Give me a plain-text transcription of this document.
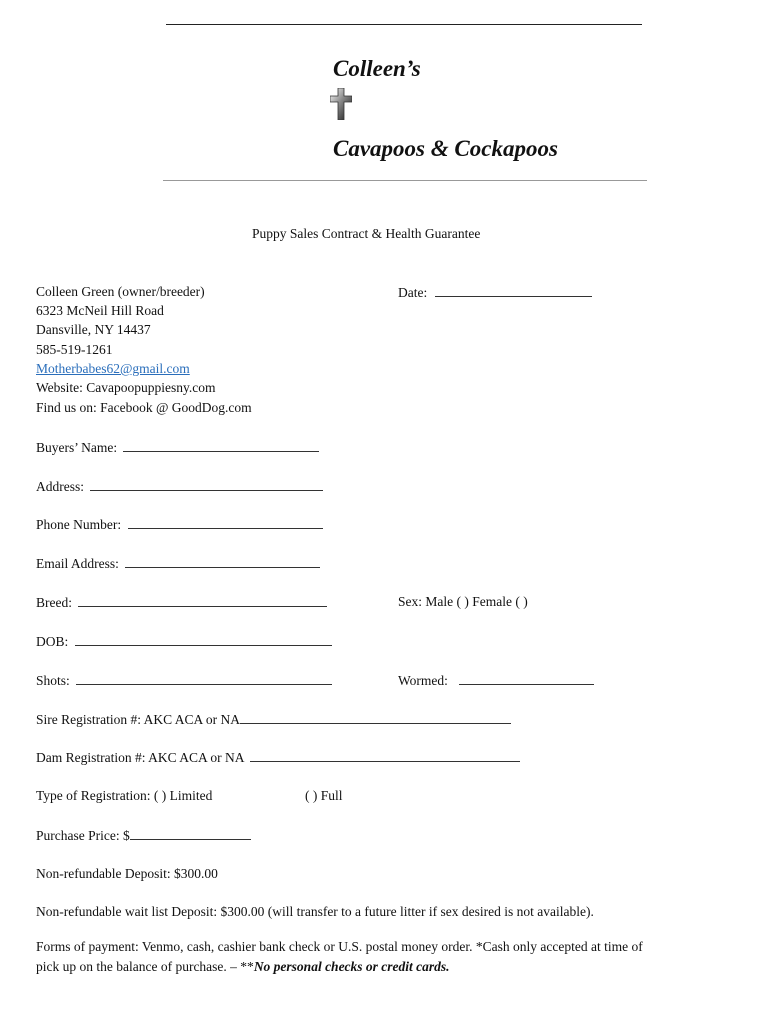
Colleen’s
Cavapoos & Cockapoos
Puppy Sales Contract & Health Guarantee
Colleen Green (owner/breeder)
6323 McNeil Hill Road
Dansville, NY 14437
585-519-1261
Motherbabes62@gmail.com
Website: Cavapoopuppiesny.com
Find us on: Facebook @ GoodDog.com
Date:
Buyers’ Name:
Address:
Phone Number:
Email Address:
Breed:	Sex: Male ( ) Female ( )
DOB:
Shots:	Wormed:
Sire Registration #: AKC ACA or NA
Dam Registration #: AKC ACA or NA
Type of Registration: ( ) Limited	( ) Full
Purchase Price: $
Non-refundable Deposit: $300.00
Non-refundable wait list Deposit: $300.00 (will transfer to a future litter if sex desired is not available).
Forms of payment: Venmo, cash, cashier bank check or U.S. postal money order. *Cash only accepted at time of
pick up on the balance of purchase. – **No personal checks or credit cards.
